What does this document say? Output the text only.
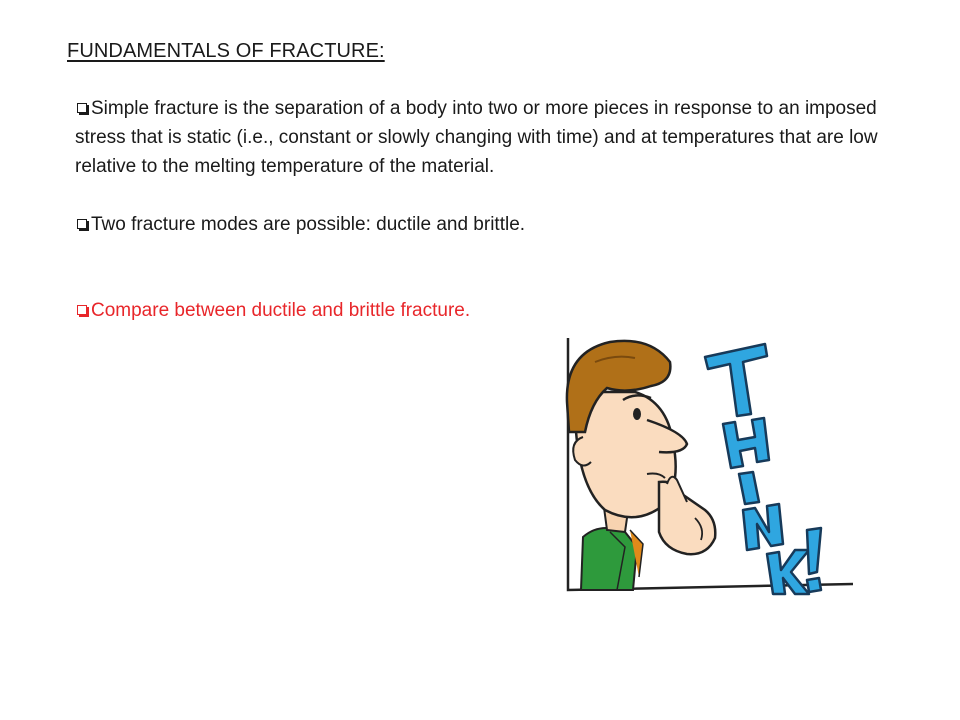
FUNDAMENTALS OF FRACTURE:
Simple fracture is the separation of a body into two or more pieces in response to an imposed stress that is static (i.e., constant or slowly changing with time) and at temperatures that are low relative to the melting temperature of the material.
Two fracture modes are possible: ductile and brittle.
Compare between ductile and brittle fracture.
